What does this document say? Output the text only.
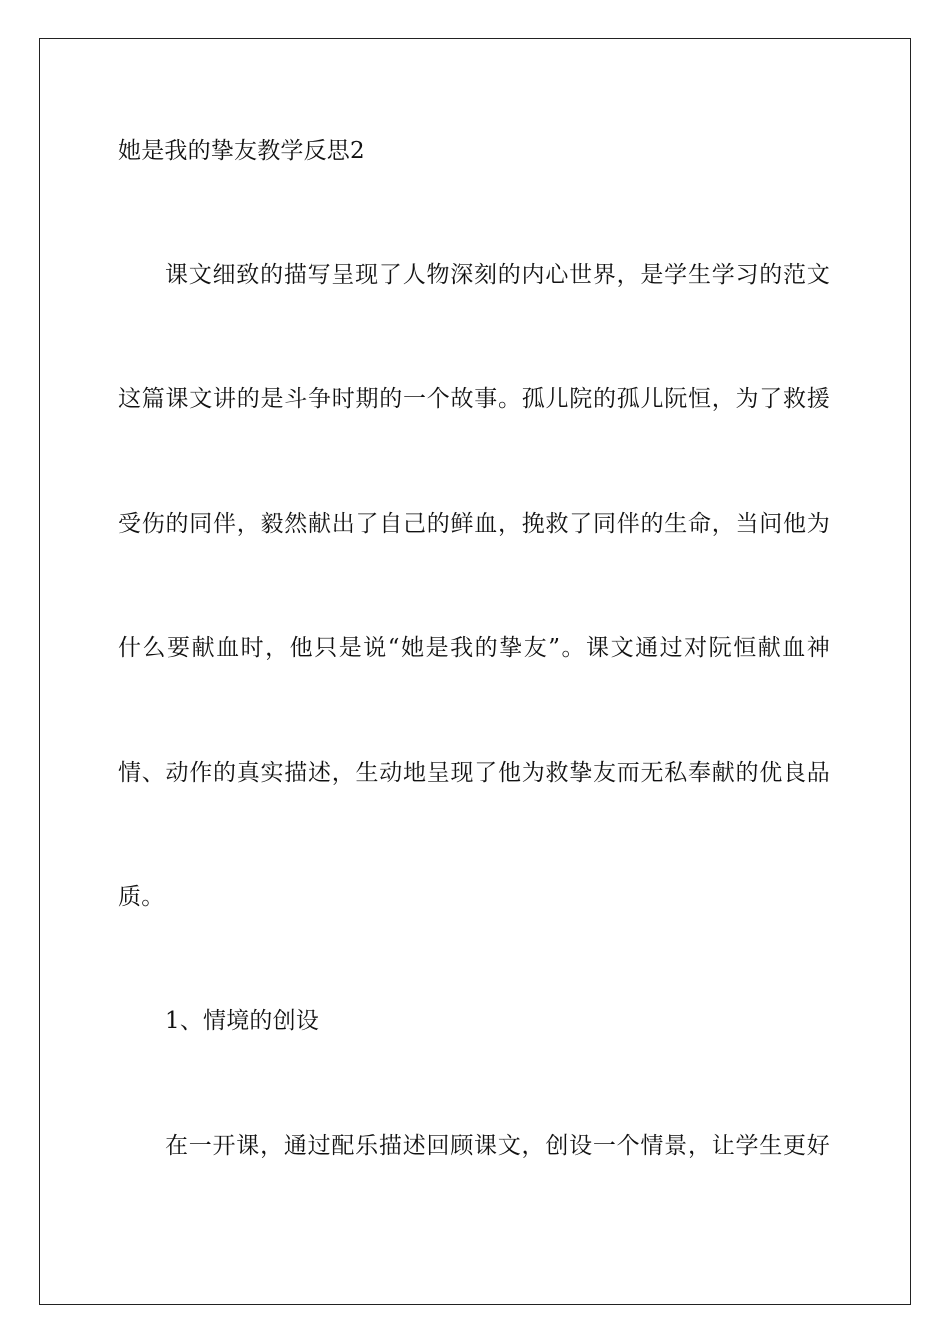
她是我的挚友教学反思2
课文细致的描写呈现了人物深刻的内心世界，是学生学习的范文
这篇课文讲的是斗争时期的一个故事。孤儿院的孤儿阮恒，为了救援
受伤的同伴，毅然献出了自己的鲜血，挽救了同伴的生命，当问他为
什么要献血时，他只是说“她是我的挚友”。课文通过对阮恒献血神
情、动作的真实描述，生动地呈现了他为救挚友而无私奉献的优良品
质。
1、情境的创设
在一开课，通过配乐描述回顾课文，创设一个情景，让学生更好
